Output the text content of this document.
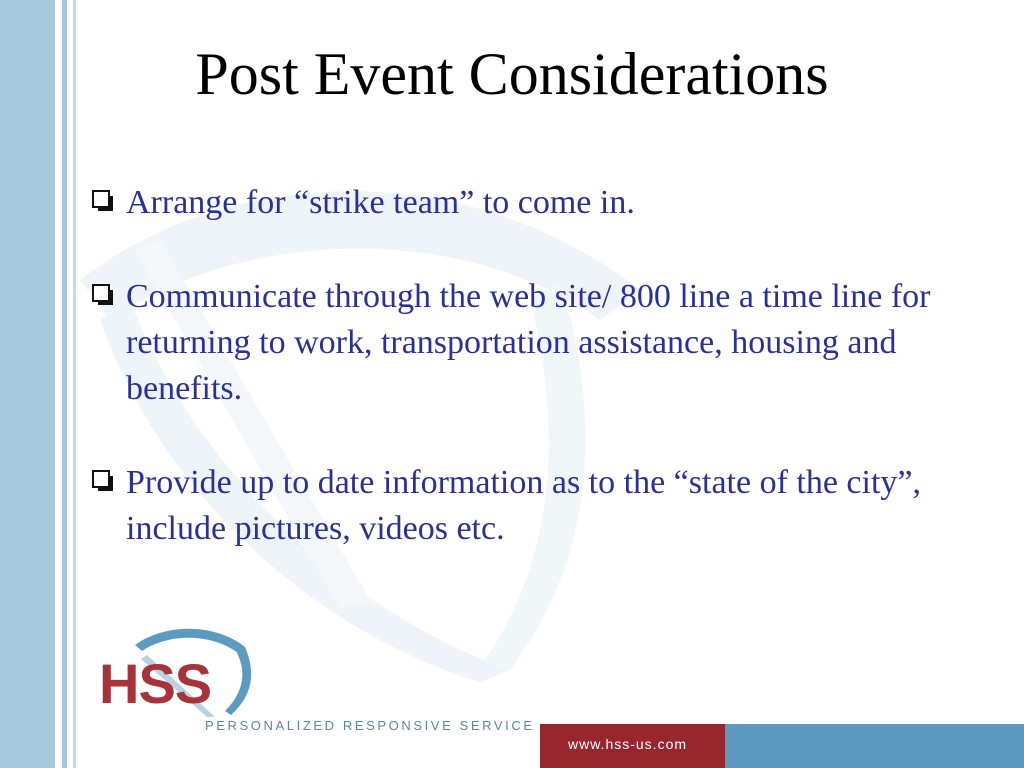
Post Event Considerations
Arrange for “strike team” to come in.
Communicate through the web site/ 800 line a time line for returning to work, transportation assistance, housing and benefits.
Provide up to date information as to the “state of the city”, include pictures, videos etc.
HSS
PERSONALIZED RESPONSIVE SERVICE
www.hss-us.com
